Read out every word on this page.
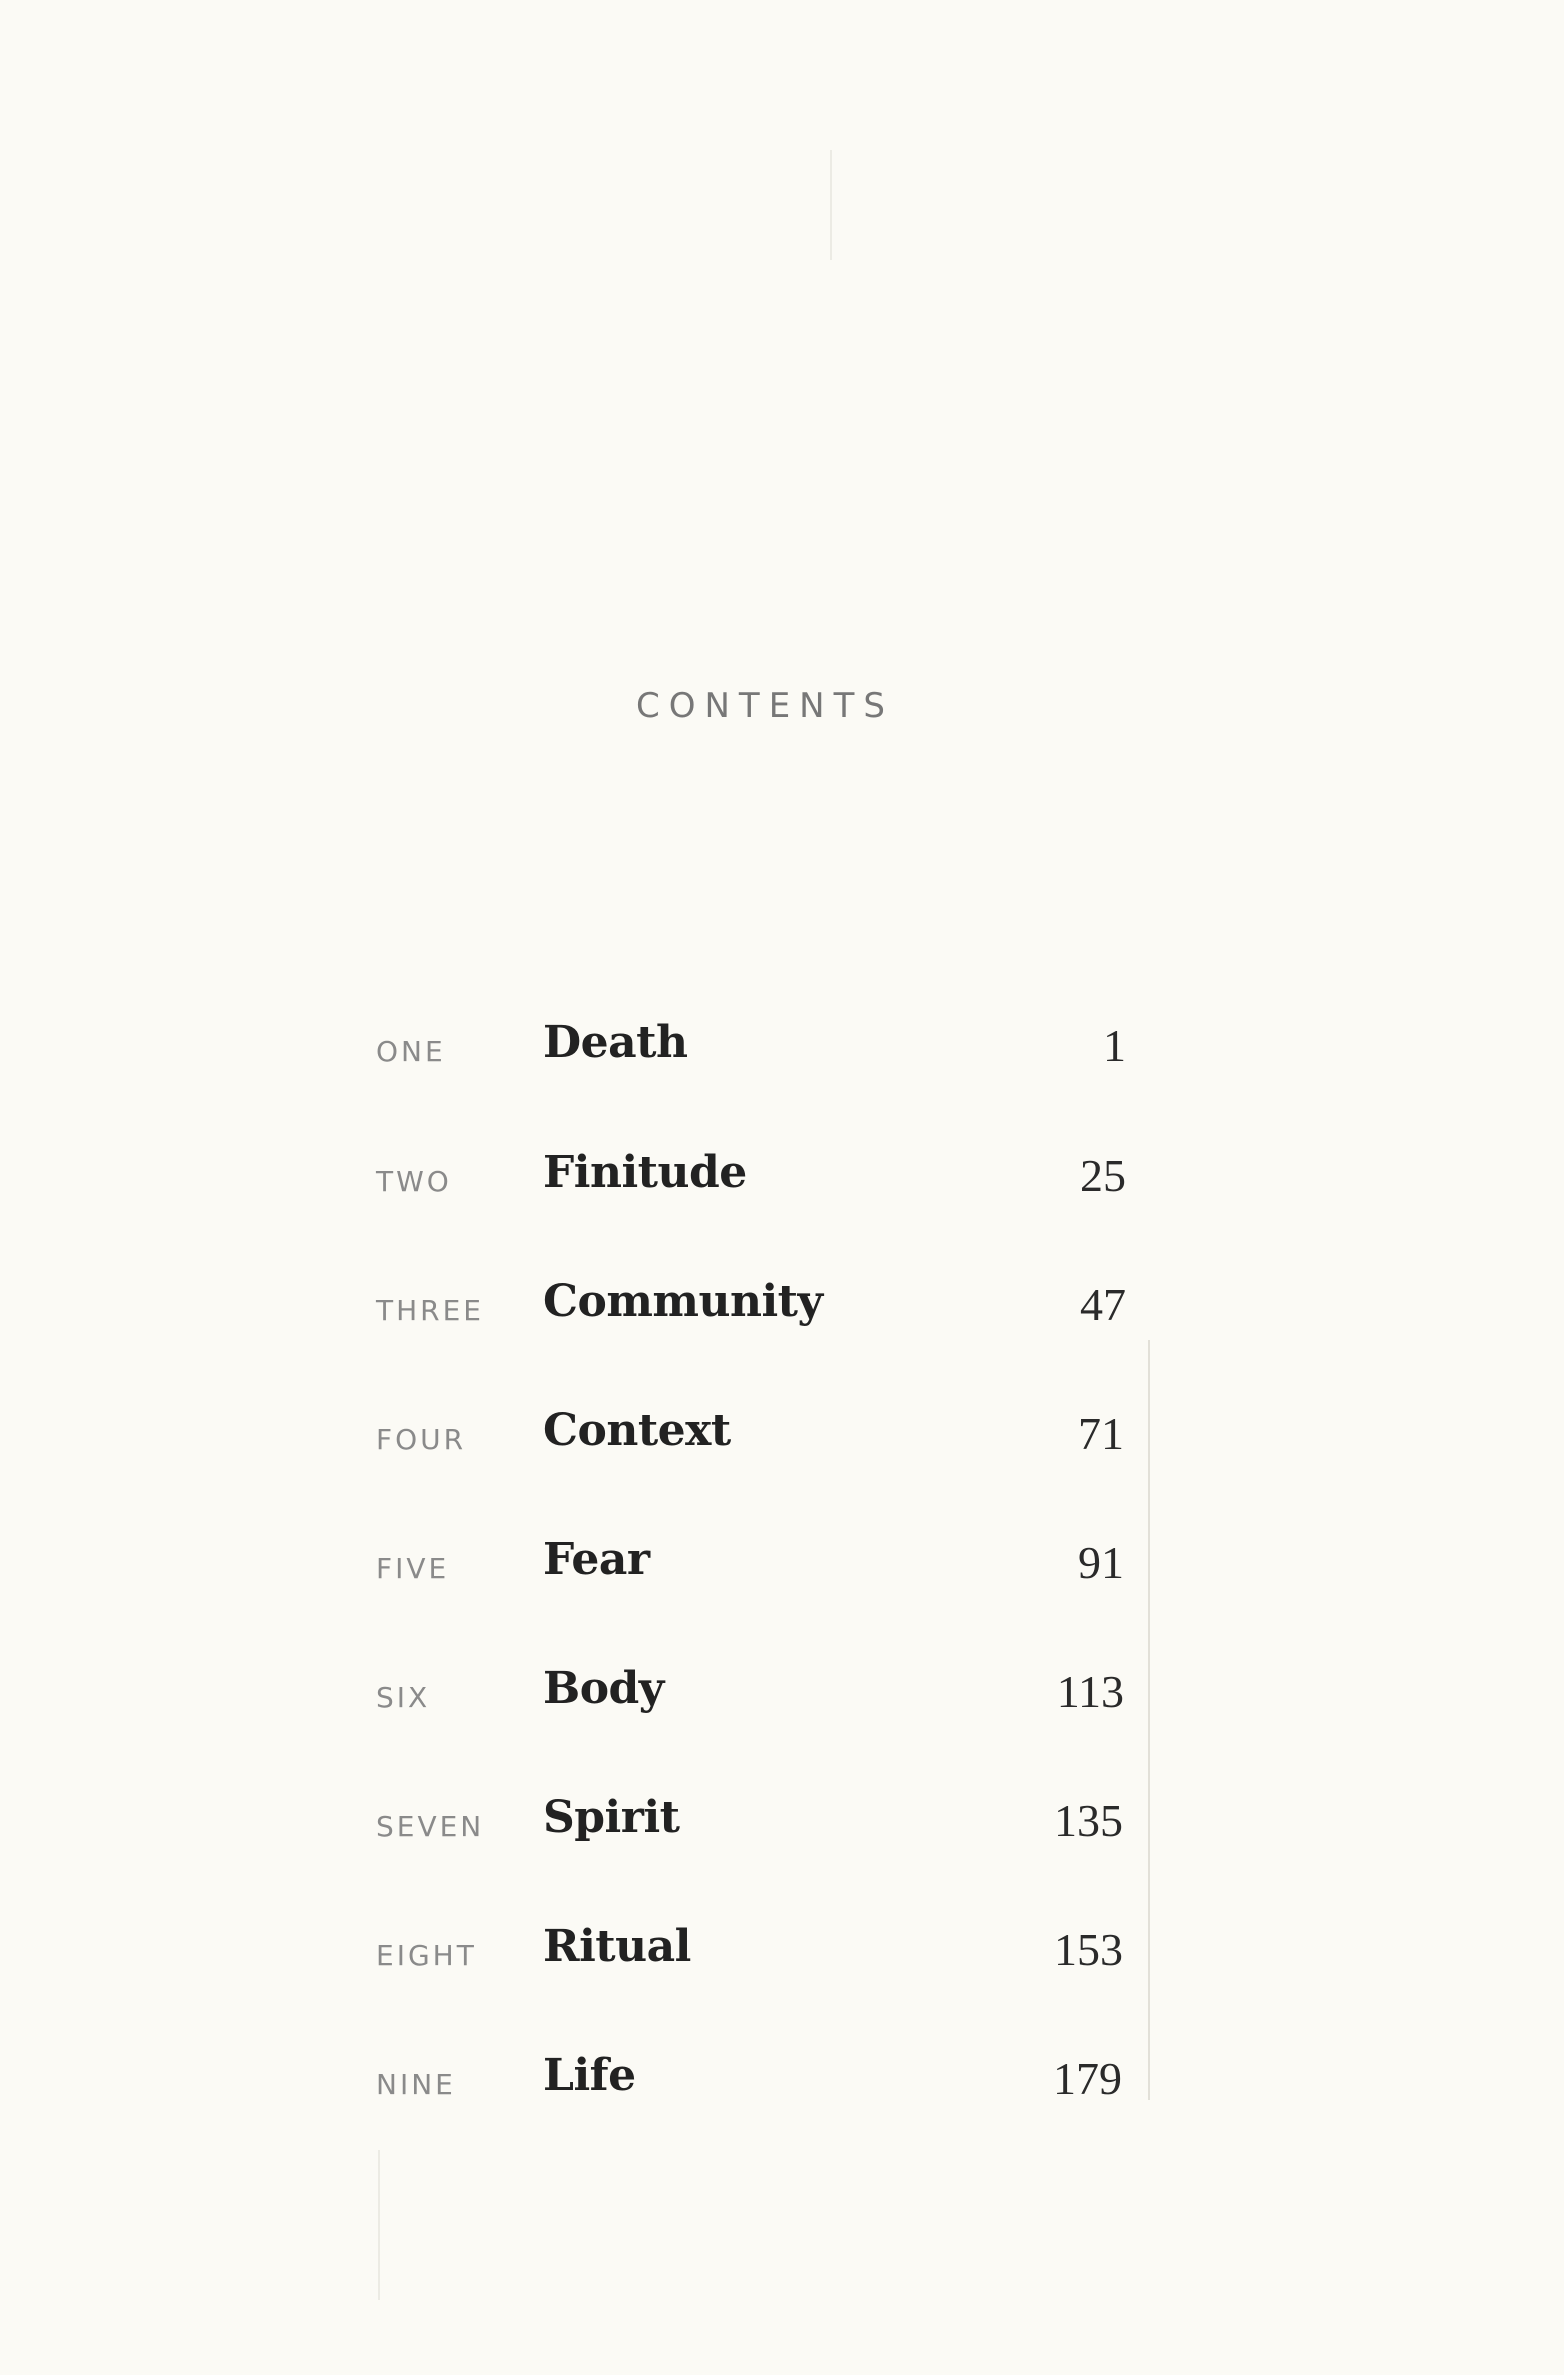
CONTENTS
ONE Death	1
TWO Finitude	25
THREE Community	47
FOUR Context	71
FIVE Fear	91
SIX	Body	113
SEVEN Spirit	135
EIGHT Ritual	153
NINE Life	179
